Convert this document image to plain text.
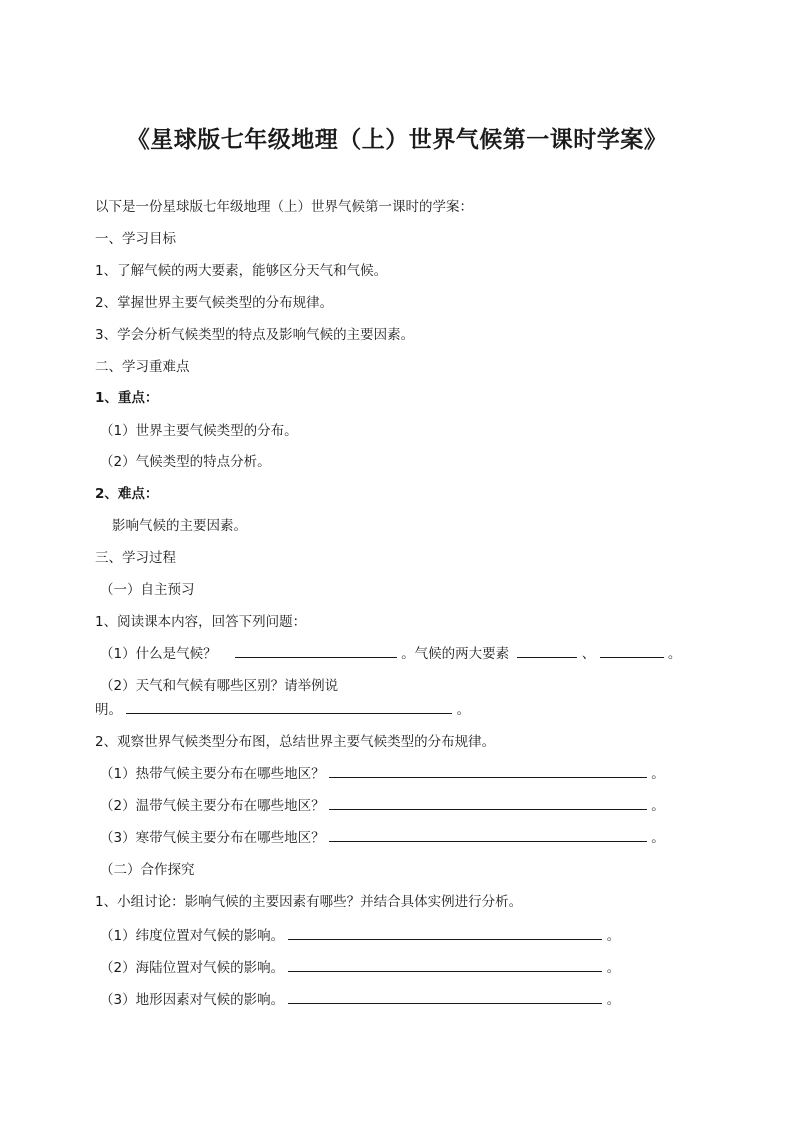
《星球版七年级地理（上）世界气候第一课时学案》
以下是一份星球版七年级地理（上）世界气候第一课时的学案：
一、学习目标
1、了解气候的两大要素，能够区分天气和气候。
2、掌握世界主要气候类型的分布规律。
3、学会分析气候类型的特点及影响气候的主要因素。
二、学习重难点
1、重点：
（1）世界主要气候类型的分布。
（2）气候类型的特点分析。
2、难点：
影响气候的主要因素。
三、学习过程
（一）自主预习
1、阅读课本内容，回答下列问题：
（1）什么是气候？	。气候的两大要素	、	。
（2）天气和气候有哪些区别？请举例说
明。	。
2、观察世界气候类型分布图，总结世界主要气候类型的分布规律。
（1）热带气候主要分布在哪些地区？	。
（2）温带气候主要分布在哪些地区？	。
（3）寒带气候主要分布在哪些地区？	。
（二）合作探究
1、小组讨论：影响气候的主要因素有哪些？并结合具体实例进行分析。
（1）纬度位置对气候的影响。	。
（2）海陆位置对气候的影响。	。
（3）地形因素对气候的影响。	。
